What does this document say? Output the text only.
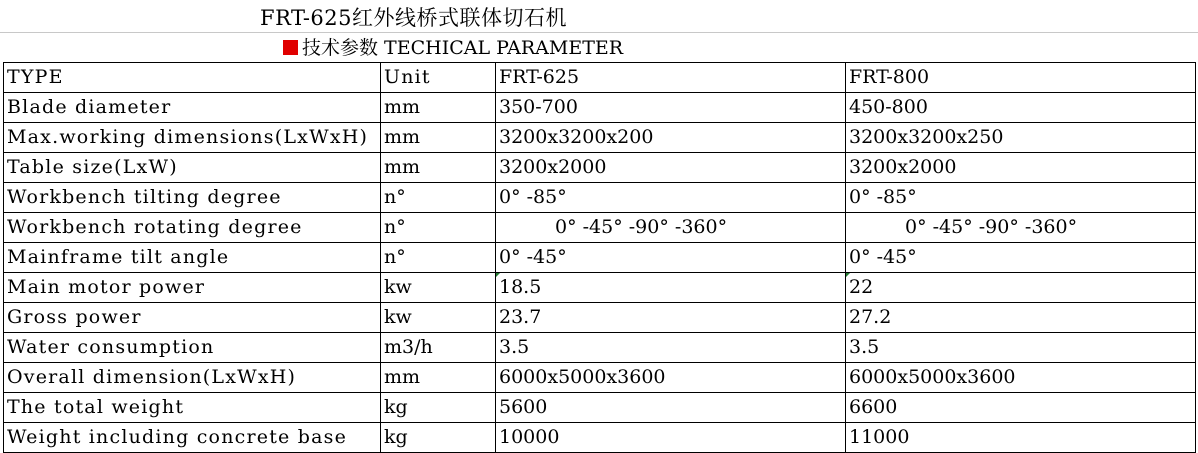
FRT-625红外线桥式联体切石机
技术参数 TECHICAL PARAMETER
TYPE	Unit	FRT-625	FRT-800
Blade diameter	mm	350-700	450-800
Max.working dimensions(LxWxH)	mm	3200x3200x200	3200x3200x250
Table size(LxW)	mm	3200x2000	3200x2000
Workbench tilting degree	n°	0° -85°	0° -85°
Workbench rotating degree	n°	0° -45° -90° -360°	0° -45° -90° -360°
Mainframe tilt angle	n°	0° -45°	0° -45°
Main motor power	kw	18.5	22
Gross power	kw	23.7	27.2
Water consumption	m3/h	3.5	3.5
Overall dimension(LxWxH)	mm	6000x5000x3600	6000x5000x3600
The total weight	kg	5600	6600
Weight including concrete base	kg	10000	11000
